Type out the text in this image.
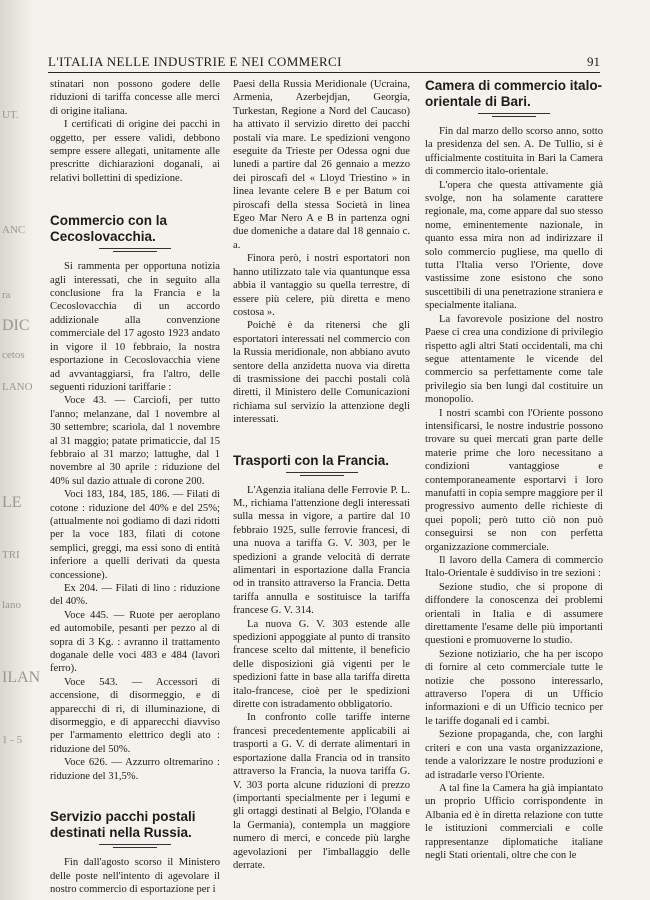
UT.
ANC
ra
DIC
cetos
LANO
LE
TRI
lano
ILAN
1 - 5
L'ITALIA NELLE INDUSTRIE E NEI COMMERCI	91

stinatari non possono godere delle riduzioni di tariffa concesse alle merci di origine italiana.

I certificati di origine dei pacchi in oggetto, per essere validi, debbono sempre essere allegati, unitamente alle prescritte dichiarazioni doganali, ai relativi bollettini di spedizione.

Commercio con la Cecoslovacchia.

Si rammenta per opportuna notizia agli interessati, che in seguito alla conclusione fra la Francia e la Cecoslovacchia di un accordo addizionale alla convenzione commerciale del 17 agosto 1923 andato in vigore il 10 febbraio, la nostra esportazione in Cecoslovacchia viene ad avvantaggiarsi, fra l'altro, delle seguenti riduzioni tariffarie :

Voce 43. — Carciofi, per tutto l'anno; melanzane, dal 1 novembre al 30 settembre; scariola, dal 1 novembre al 31 maggio; patate primaticcie, dal 15 febbraio al 31 marzo; lattughe, dal 1 novembre al 30 aprile : riduzione del 40% sul dazio attuale di corone 200.

Voci 183, 184, 185, 186. — Filati di cotone : riduzione del 40% e del 25%; (attualmente noi godiamo di dazi ridotti per la voce 183, filati di cotone semplici, greggi, ma essi sono di entità inferiore a quelli derivati da questa concessione).

Ex 204. — Filati di lino : riduzione del 40%.

Voce 445. — Ruote per aeroplano ed automobile, pesanti per pezzo al di sopra di 3 Kg. : avranno il trattamento doganale delle voci 483 e 484 (lavori ferro).

Voce 543. — Accessori di accensione, di disormeggio, e di apparecchi di ri, di illuminazione, di disormeggio, e di apparecchi diavviso per l'armamento elettrico degli ato : riduzione del 50%.

Voce 626. — Azzurro oltremarino : riduzione del 31,5%.

Servizio pacchi postali destinati nella Russia.

Fin dall'agosto scorso il Ministero delle poste nell'intento di agevolare il nostro commercio di esportazione per i

Paesi della Russia Meridionale (Ucraina, Armenia, Azerbejdjan, Georgia, Turkestan, Regione a Nord del Caucaso) ha attivato il servizio diretto dei pacchi postali via mare. Le spedizioni vengono eseguite da Trieste per Odessa ogni due lunedì a partire dal 26 gennaio a mezzo dei piroscafi del « Lloyd Triestino » in linea levante celere B e per Batum coi piroscafi della stessa Società in linea Egeo Mar Nero A e B in partenza ogni due domeniche a datare dal 18 gennaio c. a.

Finora però, i nostri esportatori non hanno utilizzato tale via quantunque essa abbia il vantaggio su quella terrestre, di essere più celere, più diretta e meno costosa ».

Poichè è da ritenersi che gli esportatori interessati nel commercio con la Russia meridionale, non abbiano avuto sentore della anzidetta nuova via diretta di trasmissione dei pacchi postali colà diretti, il Ministero delle Comunicazioni richiama sul servizio la attenzione degli interessati.

Trasporti con la Francia.

L'Agenzia italiana delle Ferrovie P. L. M., richiama l'attenzione degli interessati sulla messa in vigore, a partire dal 10 febbraio 1925, sulle ferrovie francesi, di una nuova a tariffa G. V. 303, per le spedizioni a grande velocità di derrate alimentari in esportazione dalla Francia od in transito attraverso la Francia. Detta tariffa annulla e sostituisce la tariffa francese G. V. 314.

La nuova G. V. 303 estende alle spedizioni appoggiate al punto di transito francese scelto dal mittente, il beneficio delle disposizioni già vigenti per le spedizioni fatte in base alla tariffa diretta italo-francese, cioè per le spedizioni dirette con istradamento obbligatorio.

In confronto colle tariffe interne francesi precedentemente applicabili ai trasporti a G. V. di derrate alimentari in esportazione dalla Francia od in transito attraverso la Francia, la nuova tariffa G. V. 303 porta alcune riduzioni di prezzo (importanti specialmente per i legumi e gli ortaggi destinati al Belgio, l'Olanda e la Germania), contempla un maggiore numero di merci, e concede più larghe agevolazioni per l'imballaggio delle derrate.

Camera di commercio italo-orientale di Bari.

Fin dal marzo dello scorso anno, sotto la presidenza del sen. A. De Tullio, si è ufficialmente costituita in Bari la Camera di commercio italo-orientale.

L'opera che questa attivamente già svolge, non ha solamente carattere regionale, ma, come appare dal suo stesso nome, eminentemente nazionale, in quanto essa mira non ad indirizzare il solo commercio pugliese, ma quello di tutta l'Italia verso l'Oriente, dove vastissime zone esistono che sono suscettibili di una penetrazione straniera e specialmente italiana.

La favorevole posizione del nostro Paese ci crea una condizione di privilegio rispetto agli altri Stati occidentali, ma chi segue attentamente le vicende del commercio sa perfettamente come tale privilegio sia ben lungi dal costituire un monopolio.

I nostri scambi con l'Oriente possono intensificarsi, le nostre industrie possono trovare su quei mercati gran parte delle materie prime che loro necessitano a condizioni vantaggiose e contemporaneamente esportarvi i loro manufatti in copia sempre maggiore per il progressivo aumento delle richieste di quei popoli; però tutto ciò non può conseguirsi se non con perfetta organizzazione commerciale.

Il lavoro della Camera di commercio Italo-Orientale è suddiviso in tre sezioni :

Sezione studio, che si propone di diffondere la conoscenza dei problemi orientali in Italia e di assumere direttamente l'esame delle più importanti questioni e promuoverne lo studio.

Sezione notiziario, che ha per iscopo di fornire al ceto commerciale tutte le notizie che possono interessarlo, attraverso l'opera di un Ufficio informazioni e di un Ufficio tecnico per le tariffe doganali ed i cambi.

Sezione propaganda, che, con larghi criteri e con una vasta organizzazione, tende a valorizzare le nostre produzioni e ad istradarle verso l'Oriente.

A tal fine la Camera ha già impiantato un proprio Ufficio corrispondente in Albania ed è in diretta relazione con tutte le istituzioni commerciali e colle rappresentanze diplomatiche italiane negli Stati orientali, oltre che con le
